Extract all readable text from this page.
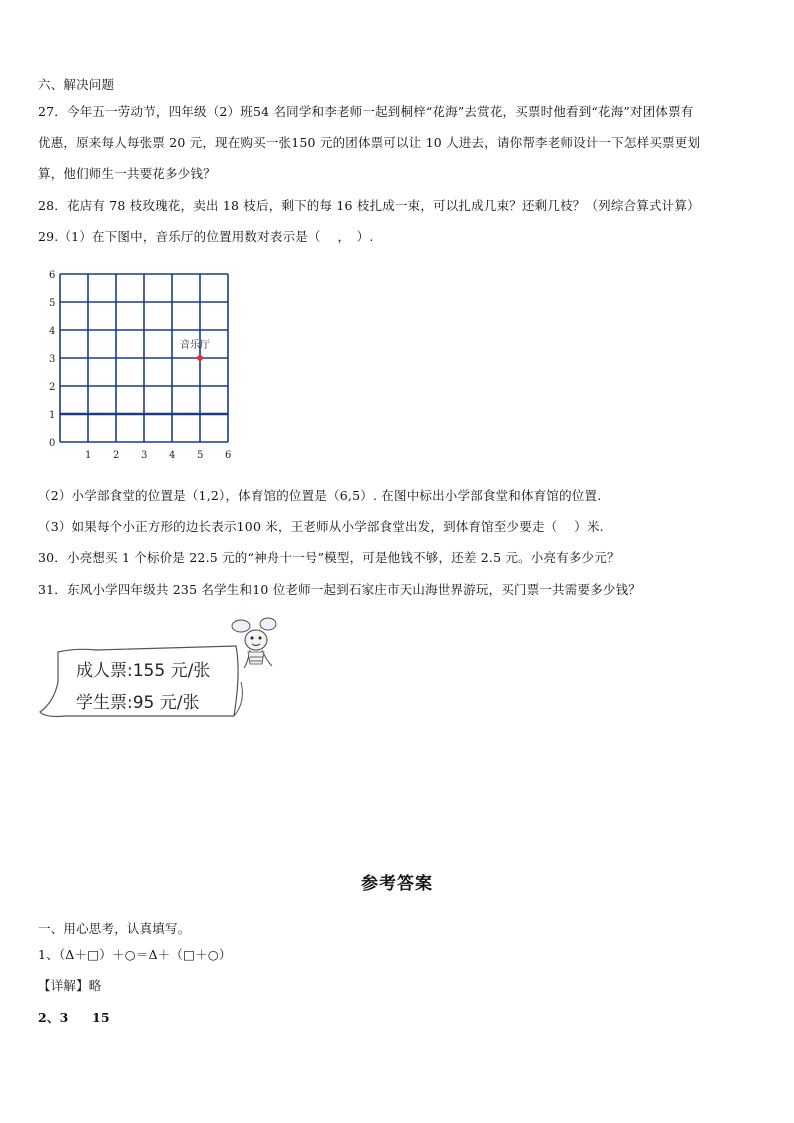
六、解决问题
27．今年五一劳动节，四年级（2）班54 名同学和李老师一起到桐梓“花海”去赏花，买票时他看到“花海”对团体票有
优惠，原来每人每张票 20 元，现在购买一张150 元的团体票可以让 10 人进去，请你帮李老师设计一下怎样买票更划
算，他们师生一共要花多少钱？
28．花店有 78 枝玫瑰花，卖出 18 枝后，剩下的每 16 枝扎成一束，可以扎成几束？还剩几枝？（列综合算式计算）
29.（1）在下图中，音乐厅的位置用数对表示是（　 ，　）.
1 2 3 4 5 6
0
1
2
3
4
5
6
音乐厅
（2）小学部食堂的位置是（1,2），体育馆的位置是（6,5）. 在图中标出小学部食堂和体育馆的位置.
（3）如果每个小正方形的边长表示100 米，王老师从小学部食堂出发，到体育馆至少要走（　 ）米.
30．小亮想买 1 个标价是 22.5 元的“神舟十一号”模型，可是他钱不够，还差 2.5 元。小亮有多少元？
31．东风小学四年级共 235 名学生和10 位老师一起到石家庄市天山海世界游玩，买门票一共需要多少钱？
成人票:155 元/张
学生票:95 元/张
参考答案
一、用心思考，认真填写。
1、（Δ＋□）＋○＝Δ＋（□＋○）
【详解】略
2、3 15
